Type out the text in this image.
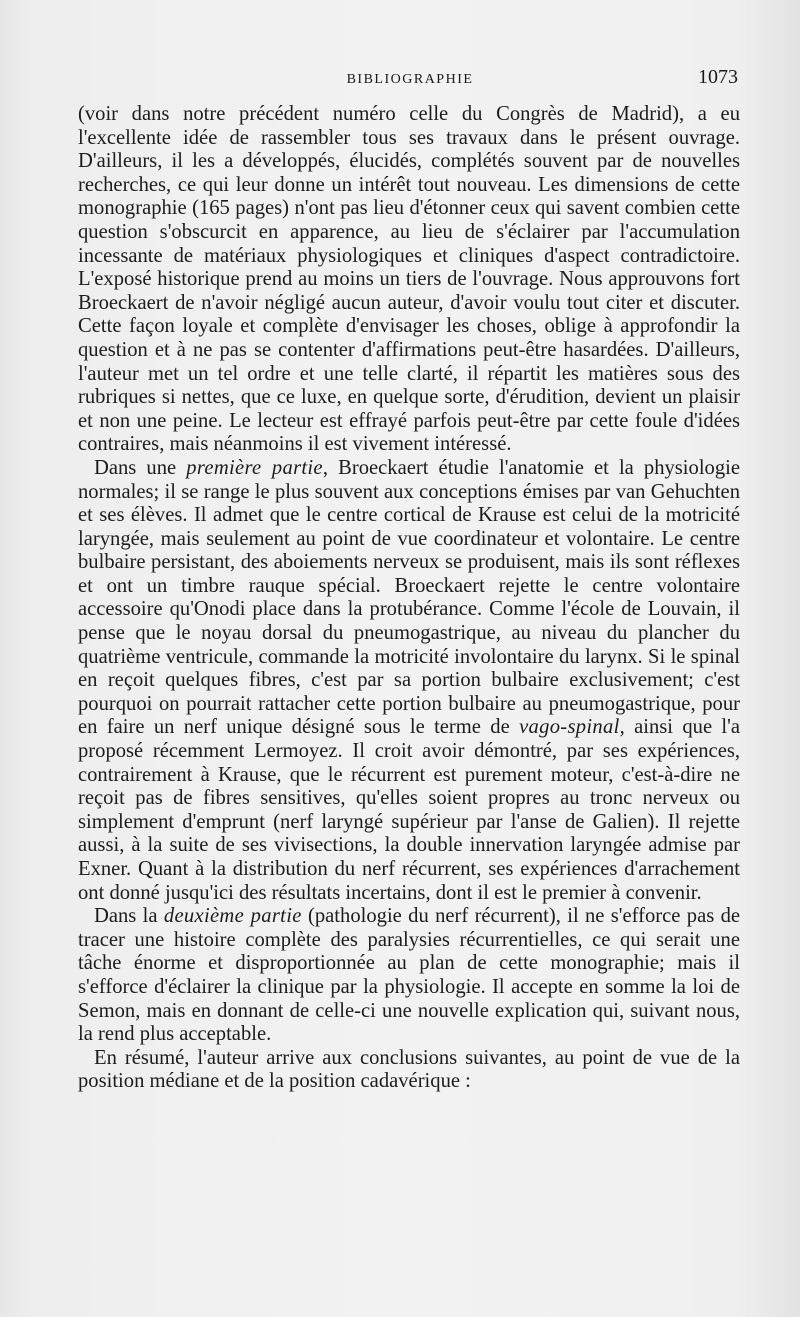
BIBLIOGRAPHIE	1073

(voir dans notre précédent numéro celle du Congrès de Madrid), a eu l'excellente idée de rassembler tous ses travaux dans le présent ouvrage. D'ailleurs, il les a développés, élucidés, complétés souvent par de nouvelles recherches, ce qui leur donne un intérêt tout nouveau. Les dimensions de cette monographie (165 pages) n'ont pas lieu d'étonner ceux qui savent combien cette question s'obscurcit en apparence, au lieu de s'éclairer par l'accumulation incessante de matériaux physiologiques et cliniques d'aspect contradictoire. L'exposé historique prend au moins un tiers de l'ouvrage. Nous approuvons fort Broeckaert de n'avoir négligé aucun auteur, d'avoir voulu tout citer et discuter. Cette façon loyale et complète d'envisager les choses, oblige à approfondir la question et à ne pas se contenter d'affirmations peut-être hasardées. D'ailleurs, l'auteur met un tel ordre et une telle clarté, il répartit les matières sous des rubriques si nettes, que ce luxe, en quelque sorte, d'érudition, devient un plaisir et non une peine. Le lecteur est effrayé parfois peut-être par cette foule d'idées contraires, mais néanmoins il est vivement intéressé.

Dans une première partie, Broeckaert étudie l'anatomie et la physiologie normales; il se range le plus souvent aux conceptions émises par van Gehuchten et ses élèves. Il admet que le centre cortical de Krause est celui de la motricité laryngée, mais seulement au point de vue coordinateur et volontaire. Le centre bulbaire persistant, des aboiements nerveux se produisent, mais ils sont réflexes et ont un timbre rauque spécial. Broeckaert rejette le centre volontaire accessoire qu'Onodi place dans la protubérance. Comme l'école de Louvain, il pense que le noyau dorsal du pneumogastrique, au niveau du plancher du quatrième ventricule, commande la motricité involontaire du larynx. Si le spinal en reçoit quelques fibres, c'est par sa portion bulbaire exclusivement; c'est pourquoi on pourrait rattacher cette portion bulbaire au pneumogastrique, pour en faire un nerf unique désigné sous le terme de vago-spinal, ainsi que l'a proposé récemment Lermoyez. Il croit avoir démontré, par ses expériences, contrairement à Krause, que le récurrent est purement moteur, c'est-à-dire ne reçoit pas de fibres sensitives, qu'elles soient propres au tronc nerveux ou simplement d'emprunt (nerf laryngé supérieur par l'anse de Galien). Il rejette aussi, à la suite de ses vivisections, la double innervation laryngée admise par Exner. Quant à la distribution du nerf récurrent, ses expériences d'arrachement ont donné jusqu'ici des résultats incertains, dont il est le premier à convenir.

Dans la deuxième partie (pathologie du nerf récurrent), il ne s'efforce pas de tracer une histoire complète des paralysies récurrentielles, ce qui serait une tâche énorme et disproportionnée au plan de cette monographie; mais il s'efforce d'éclairer la clinique par la physiologie. Il accepte en somme la loi de Semon, mais en donnant de celle-ci une nouvelle explication qui, suivant nous, la rend plus acceptable.

En résumé, l'auteur arrive aux conclusions suivantes, au point de vue de la position médiane et de la position cadavérique :
